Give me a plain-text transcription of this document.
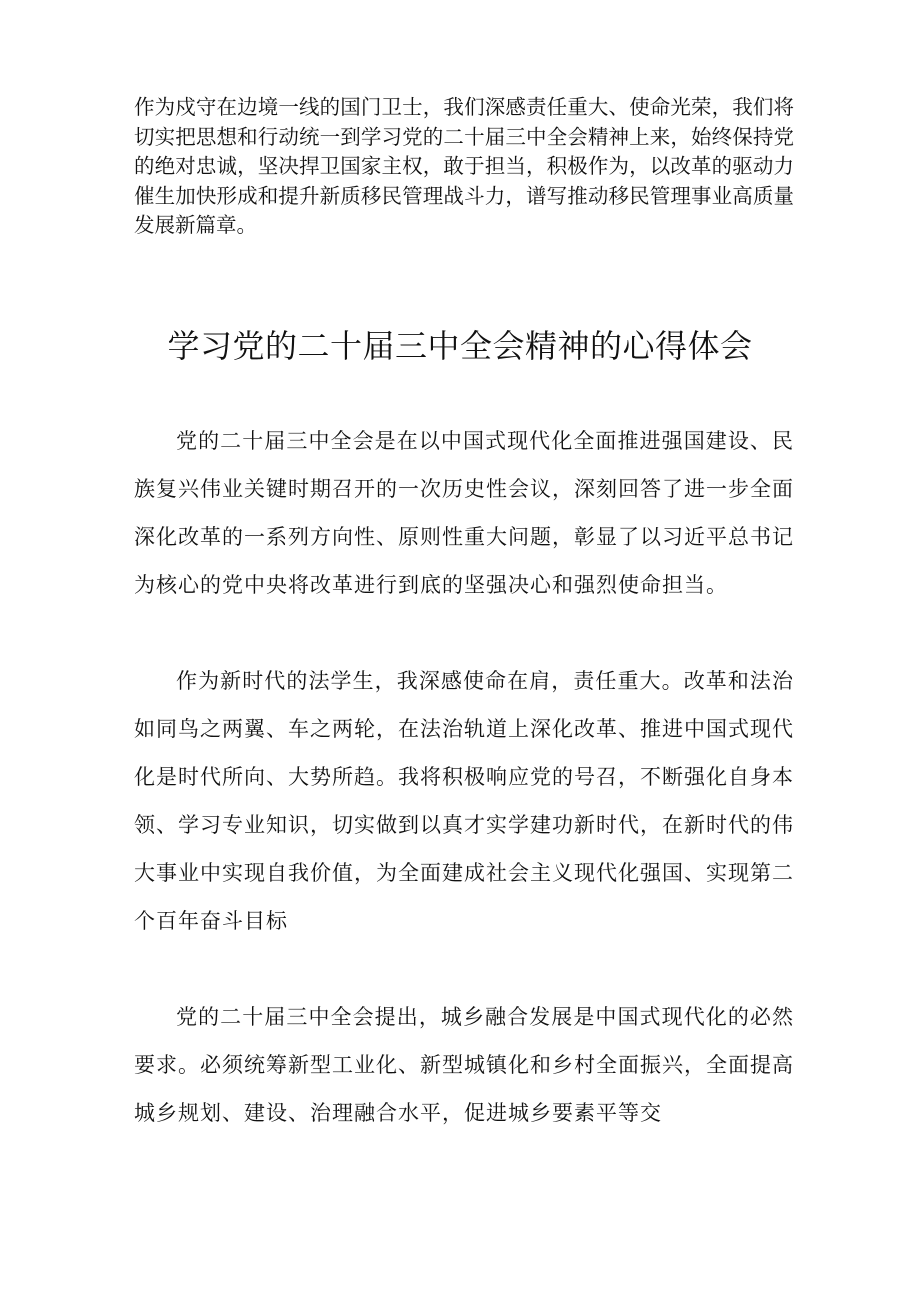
作为戍守在边境一线的国门卫士，我们深感责任重大、使命光荣，我们将切实把思想和行动统一到学习党的二十届三中全会精神上来，始终保持党的绝对忠诚，坚决捍卫国家主权，敢于担当，积极作为，以改革的驱动力催生加快形成和提升新质移民管理战斗力，谱写推动移民管理事业高质量发展新篇章。

学习党的二十届三中全会精神的心得体会

党的二十届三中全会是在以中国式现代化全面推进强国建设、民族复兴伟业关键时期召开的一次历史性会议，深刻回答了进一步全面深化改革的一系列方向性、原则性重大问题，彰显了以习近平总书记为核心的党中央将改革进行到底的坚强决心和强烈使命担当。

作为新时代的法学生，我深感使命在肩，责任重大。改革和法治如同鸟之两翼、车之两轮，在法治轨道上深化改革、推进中国式现代化是时代所向、大势所趋。我将积极响应党的号召，不断强化自身本领、学习专业知识，切实做到以真才实学建功新时代，在新时代的伟大事业中实现自我价值，为全面建成社会主义现代化强国、实现第二个百年奋斗目标

党的二十届三中全会提出，城乡融合发展是中国式现代化的必然要求。必须统筹新型工业化、新型城镇化和乡村全面振兴，全面提高城乡规划、建设、治理融合水平，促进城乡要素平等交
